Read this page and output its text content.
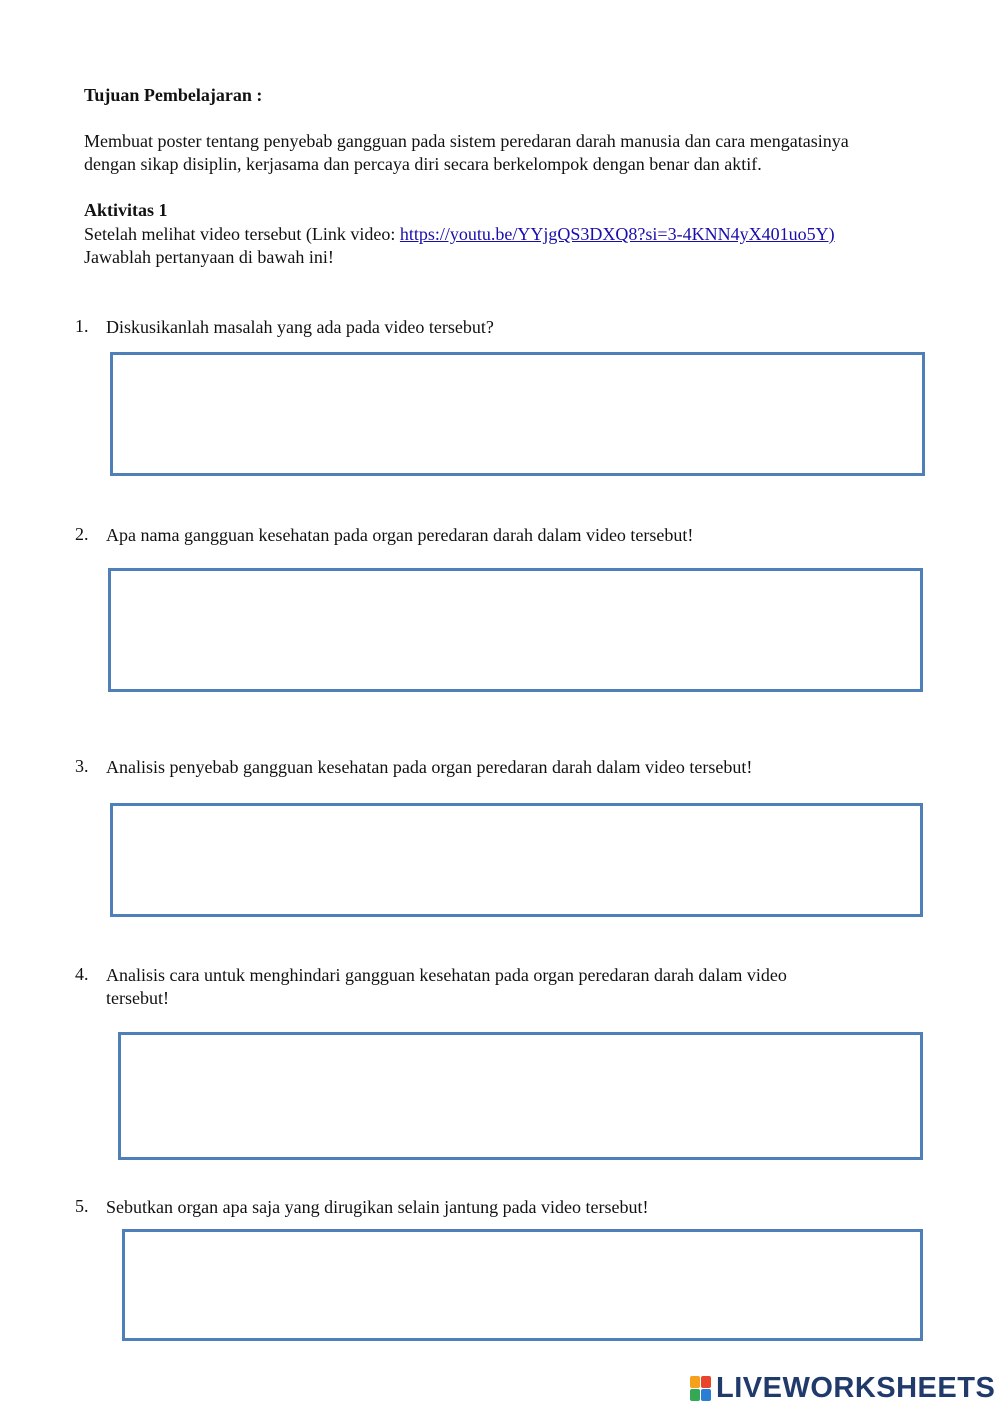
Tujuan Pembelajaran :
Membuat poster tentang penyebab gangguan pada sistem peredaran darah manusia dan cara mengatasinya
dengan sikap disiplin, kerjasama dan percaya diri secara berkelompok dengan benar dan aktif.
Aktivitas 1
Setelah melihat video tersebut (Link video: https://youtu.be/YYjgQS3DXQ8?si=3-4KNN4yX401uo5Y)
Jawablah pertanyaan di bawah ini!
1. Diskusikanlah masalah yang ada pada video tersebut?
2. Apa nama gangguan kesehatan pada organ peredaran darah dalam video tersebut!
3. Analisis penyebab gangguan kesehatan pada organ peredaran darah dalam video tersebut!
4. Analisis cara untuk menghindari gangguan kesehatan pada organ peredaran darah dalam video
tersebut!
5. Sebutkan organ apa saja yang dirugikan selain jantung pada video tersebut!
LIVEWORKSHEETS
